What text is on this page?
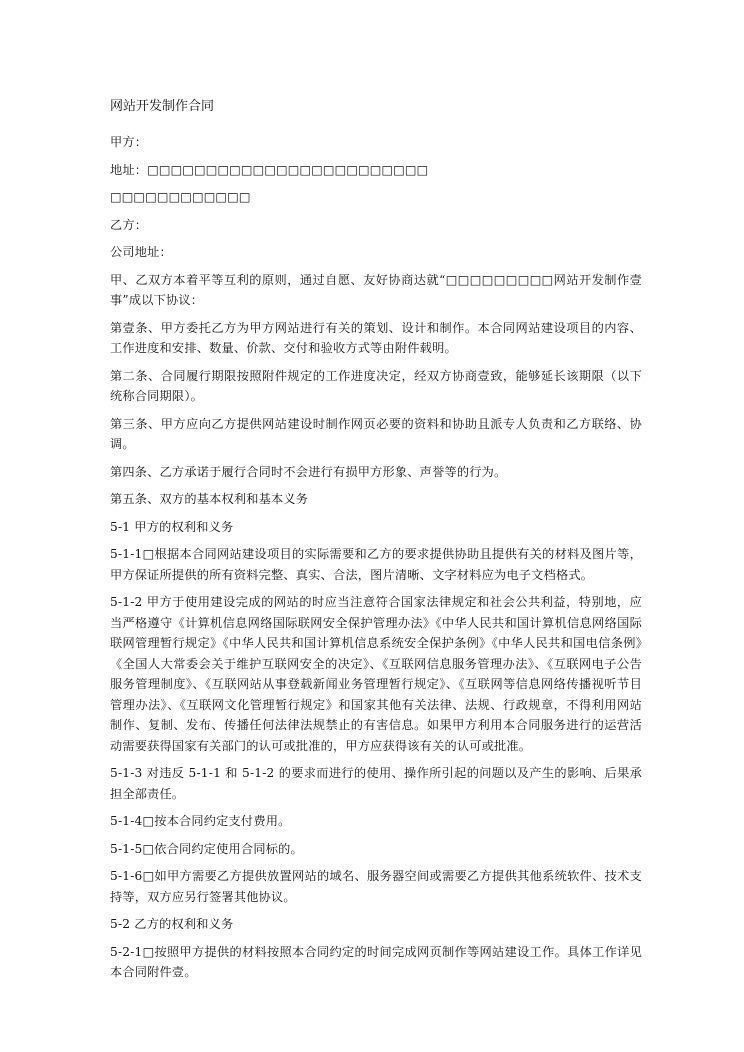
网站开发制作合同
甲方：
地址：□□□□□□□□□□□□□□□□□□□□□□□□
□□□□□□□□□□□□
乙方：
公司地址：
甲、乙双方本着平等互利的原则，通过自愿、友好协商达就“□□□□□□□□□网站开发制作壹事”成以下协议：
第壹条、甲方委托乙方为甲方网站进行有关的策划、设计和制作。本合同网站建设项目的内容、工作进度和安排、数量、价款、交付和验收方式等由附件载明。
第二条、合同履行期限按照附件规定的工作进度决定，经双方协商壹致，能够延长该期限（以下统称合同期限）。
第三条、甲方应向乙方提供网站建设时制作网页必要的资料和协助且派专人负责和乙方联络、协调。
第四条、乙方承诺于履行合同时不会进行有损甲方形象、声誉等的行为。
第五条、双方的基本权利和基本义务
5-1 甲方的权利和义务
5-1-1□根据本合同网站建设项目的实际需要和乙方的要求提供协助且提供有关的材料及图片等，甲方保证所提供的所有资料完整、真实、合法，图片清晰、文字材料应为电子文档格式。
5-1-2 甲方于使用建设完成的网站的时应当注意符合国家法律规定和社会公共利益，特别地，应当严格遵守《计算机信息网络国际联网安全保护管理办法》《中华人民共和国计算机信息网络国际联网管理暂行规定》《中华人民共和国计算机信息系统安全保护条例》《中华人民共和国电信条例》《全国人大常委会关于维护互联网安全的决定》、《互联网信息服务管理办法》、《互联网电子公告服务管理制度》、《互联网站从事登载新闻业务管理暂行规定》、《互联网等信息网络传播视听节目管理办法》、《互联网文化管理暂行规定》和国家其他有关法律、法规、行政规章，不得利用网站制作、复制、发布、传播任何法律法规禁止的有害信息。如果甲方利用本合同服务进行的运营活动需要获得国家有关部门的认可或批准的，甲方应获得该有关的认可或批准。
5-1-3 对违反 5-1-1 和 5-1-2 的要求而进行的使用、操作所引起的问题以及产生的影响、后果承担全部责任。
5-1-4□按本合同约定支付费用。
5-1-5□依合同约定使用合同标的。
5-1-6□如甲方需要乙方提供放置网站的域名、服务器空间或需要乙方提供其他系统软件、技术支持等，双方应另行签署其他协议。
5-2 乙方的权利和义务
5-2-1□按照甲方提供的材料按照本合同约定的时间完成网页制作等网站建设工作。具体工作详见本合同附件壹。
